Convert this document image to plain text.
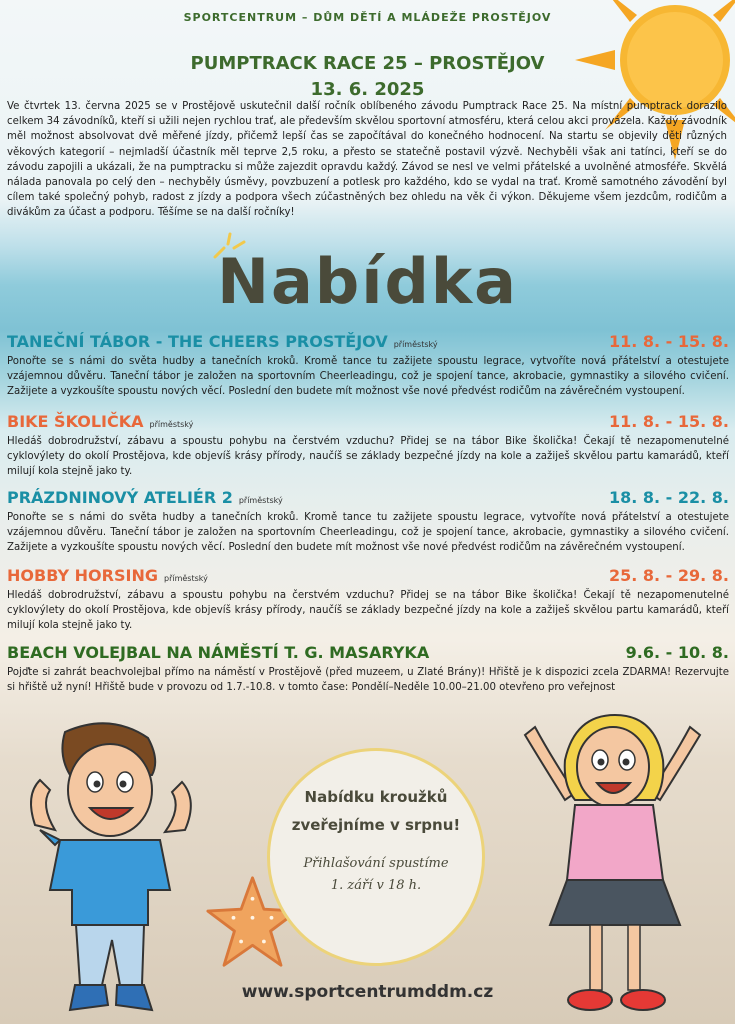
SPORTCENTRUM – DŮM DĚTÍ A MLÁDEŽE PROSTĚJOV
PUMPTRACK RACE 25 – PROSTĚJOV
13. 6. 2025
Ve čtvrtek 13. června 2025 se v Prostějově uskutečnil další ročník oblíbeného závodu Pumptrack Race 25. Na místní pumptrack dorazilo celkem 34 závodníků, kteří si užili nejen rychlou trať, ale především skvělou sportovní atmosféru, která celou akci provázela. Každý závodník měl možnost absolvovat dvě měřené jízdy, přičemž lepší čas se započítával do konečného hodnocení. Na startu se objevily děti různých věkových kategorií – nejmladší účastník měl teprve 2,5 roku, a přesto se statečně postavil výzvě. Nechyběli však ani tatínci, kteří se do závodu zapojili a ukázali, že na pumptracku si může zajezdit opravdu každý. Závod se nesl ve velmi přátelské a uvolněné atmosféře. Skvělá nálada panovala po celý den – nechyběly úsměvy, povzbuzení a potlesk pro každého, kdo se vydal na trať. Kromě samotného závodění byl cílem také společný pohyb, radost z jízdy a podpora všech zúčastněných bez ohledu na věk či výkon. Děkujeme všem jezdcům, rodičům a divákům za účast a podporu. Těšíme se na další ročníky!
Nabídka
TANEČNÍ TÁBOR - THE CHEERS PROSTĚJOV příměstský	11. 8. - 15. 8.
Ponořte se s námi do světa hudby a tanečních kroků. Kromě tance tu zažijete spoustu legrace, vytvoříte nová přátelství a otestujete vzájemnou důvěru. Taneční tábor je založen na sportovním Cheerleadingu, což je spojení tance, akrobacie, gymnastiky a silového cvičení. Zažijete a vyzkoušíte spoustu nových věcí. Poslední den budete mít možnost vše nové předvést rodičům na závěrečném vystoupení.
BIKE ŠKOLIČKA příměstský	11. 8. - 15. 8.
Hledáš dobrodružství, zábavu a spoustu pohybu na čerstvém vzduchu? Přidej se na tábor Bike školička! Čekají tě nezapomenutelné cyklovýlety do okolí Prostějova, kde objevíš krásy přírody, naučíš se základy bezpečné jízdy na kole a zažiješ skvělou partu kamarádů, kteří milují kola stejně jako ty.
PRÁZDNINOVÝ ATELIÉR 2 příměstský	18. 8. - 22. 8.
Ponořte se s námi do světa hudby a tanečních kroků. Kromě tance tu zažijete spoustu legrace, vytvoříte nová přátelství a otestujete vzájemnou důvěru. Taneční tábor je založen na sportovním Cheerleadingu, což je spojení tance, akrobacie, gymnastiky a silového cvičení. Zažijete a vyzkoušíte spoustu nových věcí. Poslední den budete mít možnost vše nové předvést rodičům na závěrečném vystoupení.
HOBBY HORSING příměstský	25. 8. - 29. 8.
Hledáš dobrodružství, zábavu a spoustu pohybu na čerstvém vzduchu? Přidej se na tábor Bike školička! Čekají tě nezapomenutelné cyklovýlety do okolí Prostějova, kde objevíš krásy přírody, naučíš se základy bezpečné jízdy na kole a zažiješ skvělou partu kamarádů, kteří milují kola stejně jako ty.
BEACH VOLEJBAL NA NÁMĚSTÍ T. G. MASARYKA	9.6. - 10. 8.
Pojďte si zahrát beachvolejbal přímo na náměstí v Prostějově (před muzeem, u Zlaté Brány)! Hřiště je k dispozici zcela ZDARMA! Rezervujte si hřiště už nyní! Hřiště bude v provozu od 1.7.-10.8. v tomto čase: Pondělí–Neděle 10.00–21.00 otevřeno pro veřejnost
Nabídku kroužků
zveřejníme v srpnu!
Přihlašování spustíme
1. září v 18 h.
www.sportcentrumddm.cz
